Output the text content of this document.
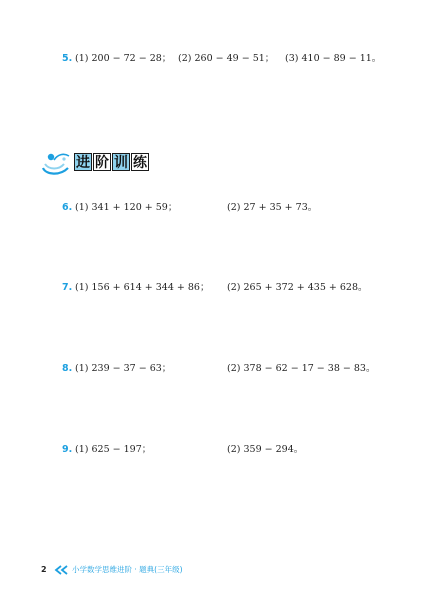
5. (1) 200 − 72 − 28； (2) 260 − 49 − 51； (3) 410 − 89 − 11。
进 阶 训 练
6. (1) 341 + 120 + 59；	(2) 27 + 35 + 73。
7. (1) 156 + 614 + 344 + 86； (2) 265 + 372 + 435 + 628。
8. (1) 239 − 37 − 63；	(2) 378 − 62 − 17 − 38 − 83。
9. (1) 625 − 197；	(2) 359 − 294。
2	小学数学思维进阶 · 题典(三年级)
